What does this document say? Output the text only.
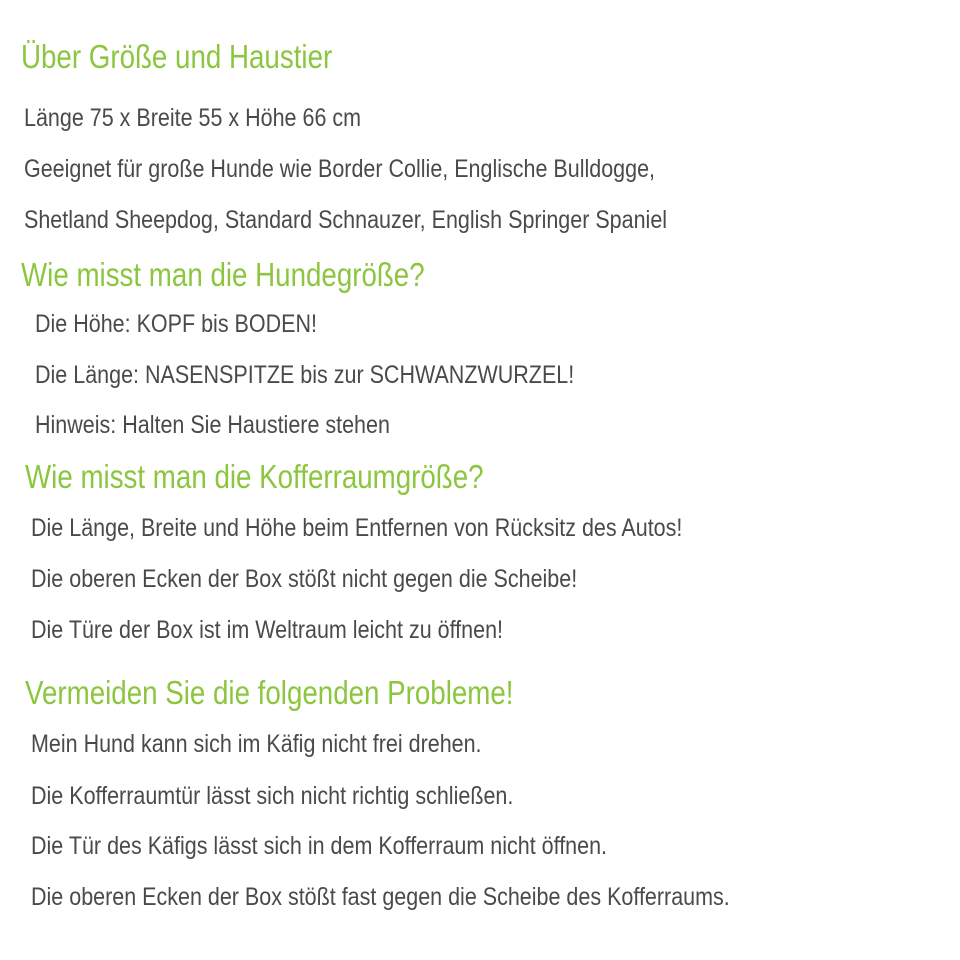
Über Größe und Haustier
Länge 75 x Breite 55 x Höhe 66 cm
Geeignet für große Hunde wie Border Collie, Englische Bulldogge,
Shetland Sheepdog, Standard Schnauzer, English Springer Spaniel
Wie misst man die Hundegröße?
Die Höhe: KOPF bis BODEN!
Die Länge: NASENSPITZE bis zur SCHWANZWURZEL!
Hinweis: Halten Sie Haustiere stehen
Wie misst man die Kofferraumgröße?
Die Länge, Breite und Höhe beim Entfernen von Rücksitz des Autos!
Die oberen Ecken der Box stößt nicht gegen die Scheibe!
Die Türe der Box ist im Weltraum leicht zu öffnen!
Vermeiden Sie die folgenden Probleme!
Mein Hund kann sich im Käfig nicht frei drehen.
Die Kofferraumtür lässt sich nicht richtig schließen.
Die Tür des Käfigs lässt sich in dem Kofferraum nicht öffnen.
Die oberen Ecken der Box stößt fast gegen die Scheibe des Kofferraums.
